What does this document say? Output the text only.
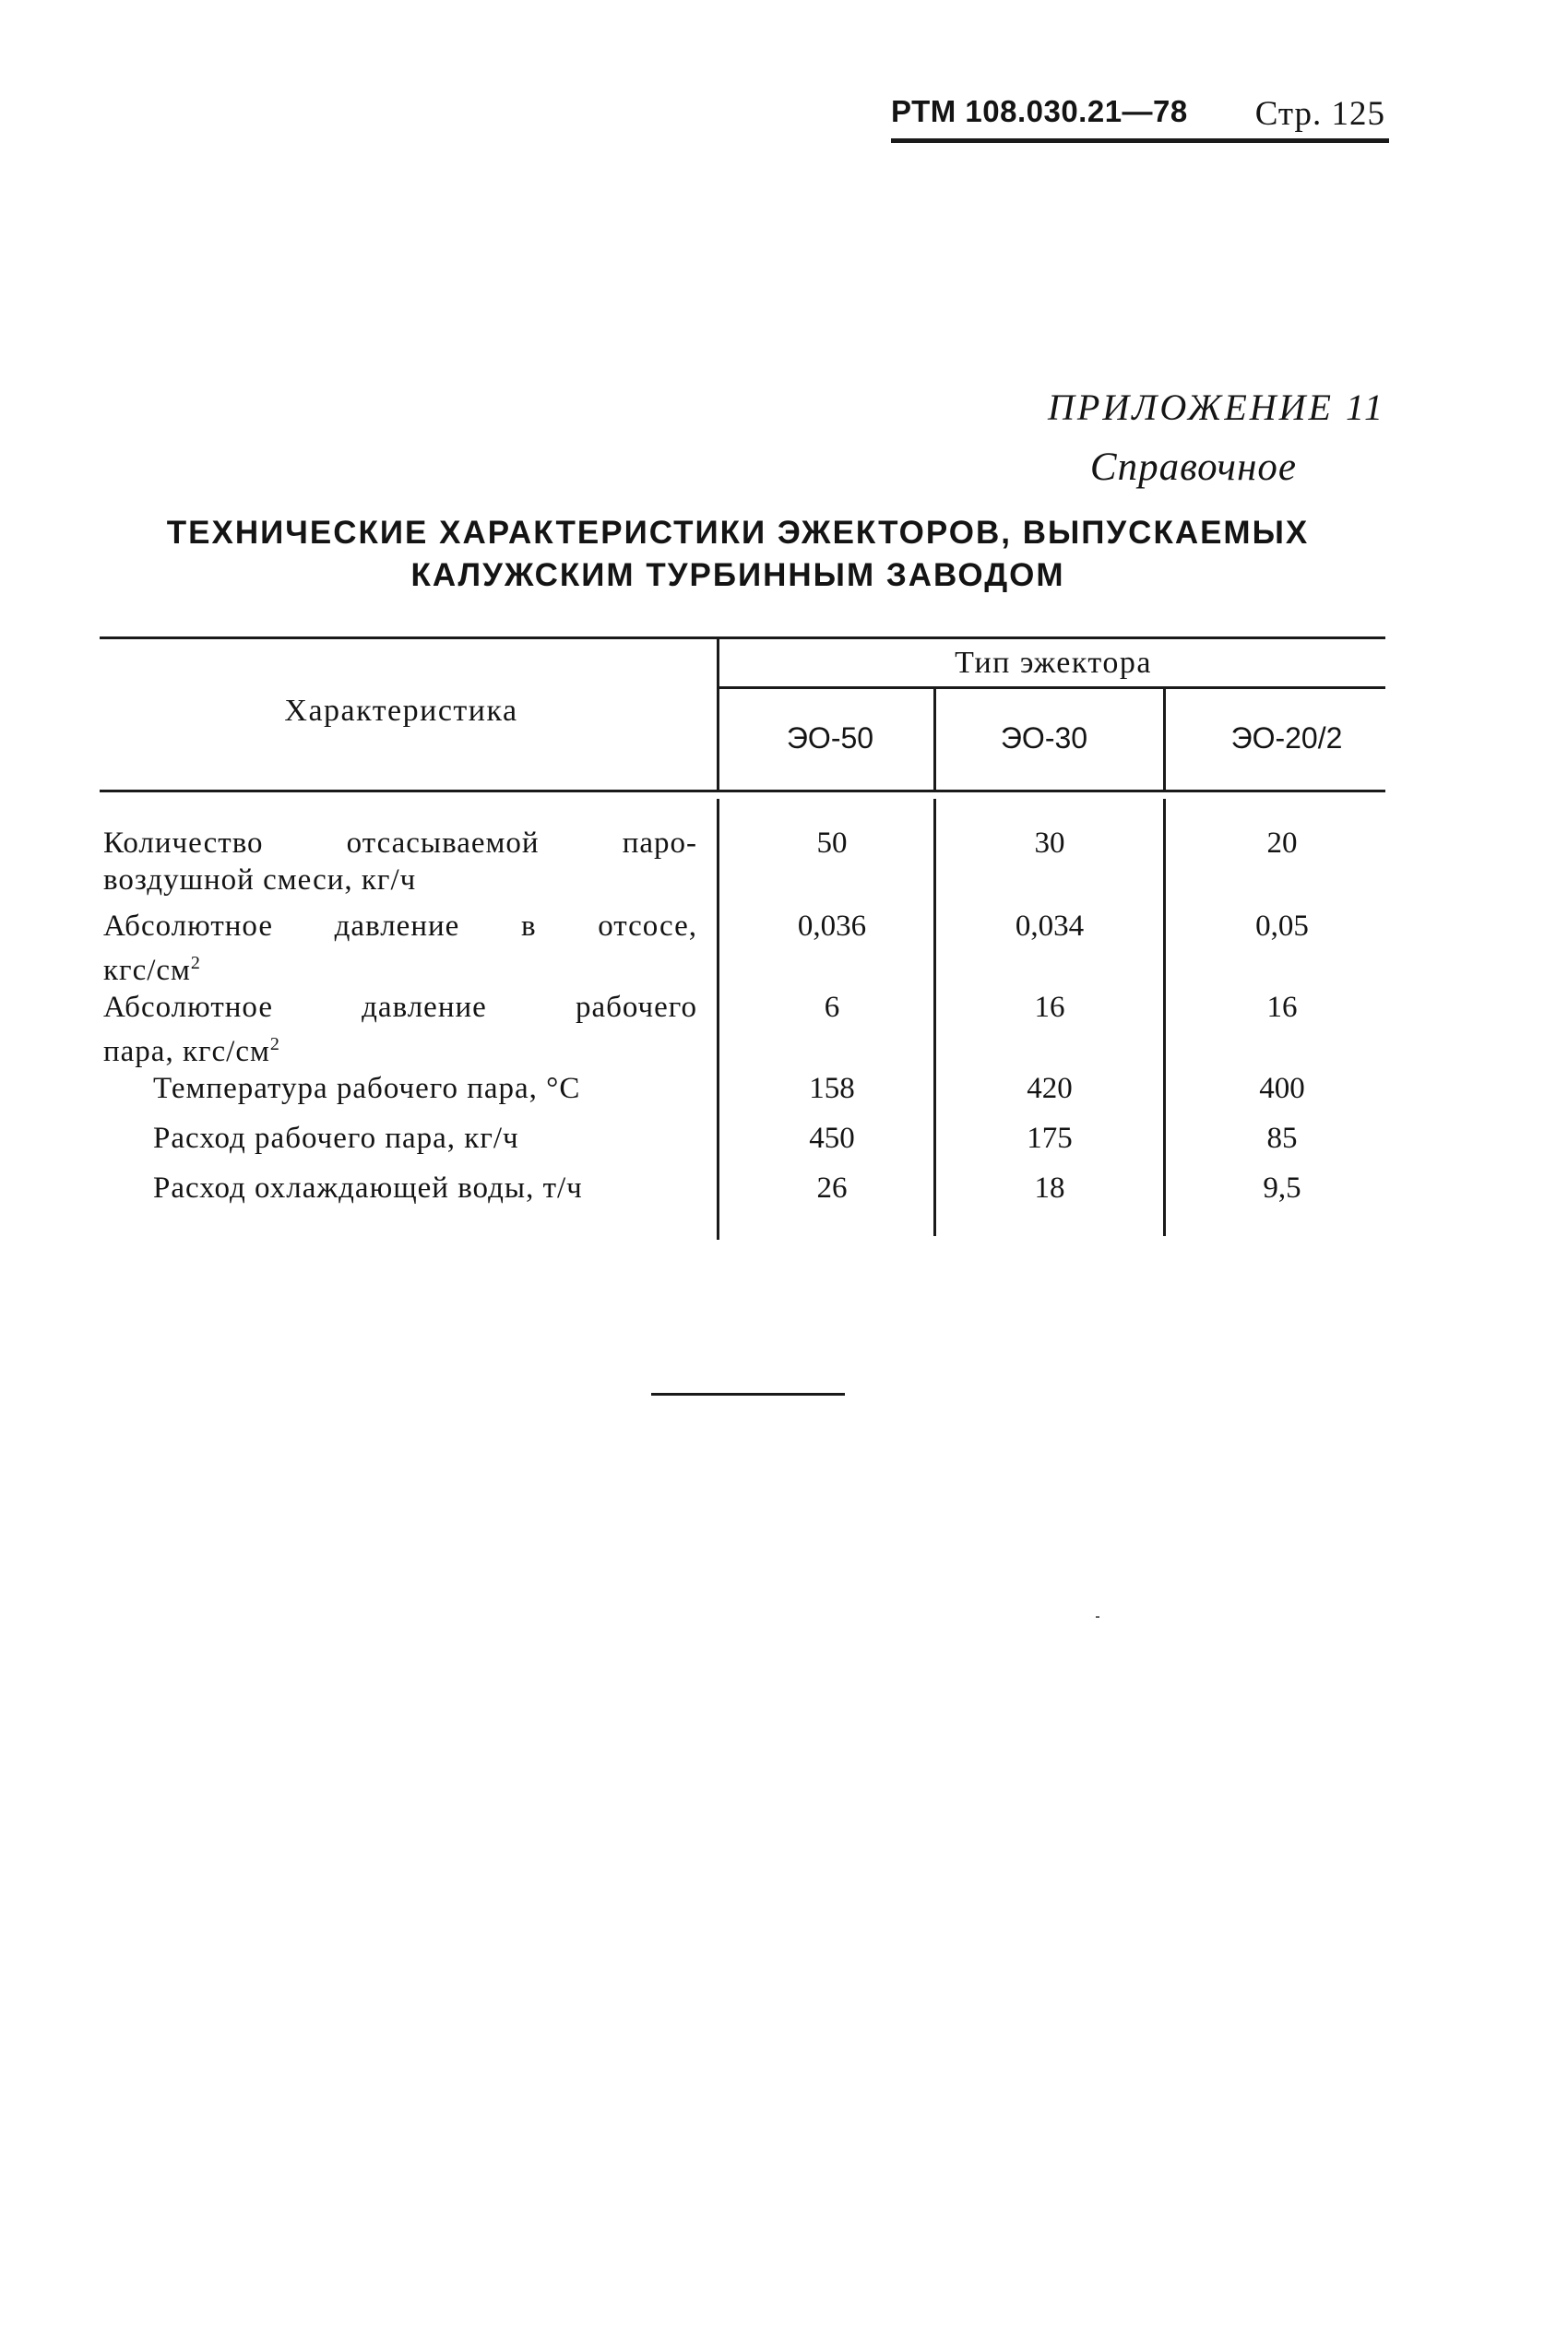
РТМ 108.030.21—78 Стр. 125
ПРИЛОЖЕНИЕ 11
Справочное
ТЕХНИЧЕСКИЕ ХАРАКТЕРИСТИКИ ЭЖЕКТОРОВ, ВЫПУСКАЕМЫХ
КАЛУЖСКИМ ТУРБИННЫМ ЗАВОДОМ
Характеристика
Тип эжектора
ЭО-50	ЭО-30	ЭО-20/2
Количество отсасываемой паро-
воздушной смеси, кг/ч
50	30	20
Абсолютное давление в отсосе,
кгс/$см^2$
0,036	0,034	0,05
Абсолютное давление рабочего
пара, кгс/$см^2$
6	16	16
Температура рабочего пара, °С	158	420	400
Расход рабочего пара, кг/ч	450	175	85
Расход охлаждающей воды, т/ч	26	18	9,5
